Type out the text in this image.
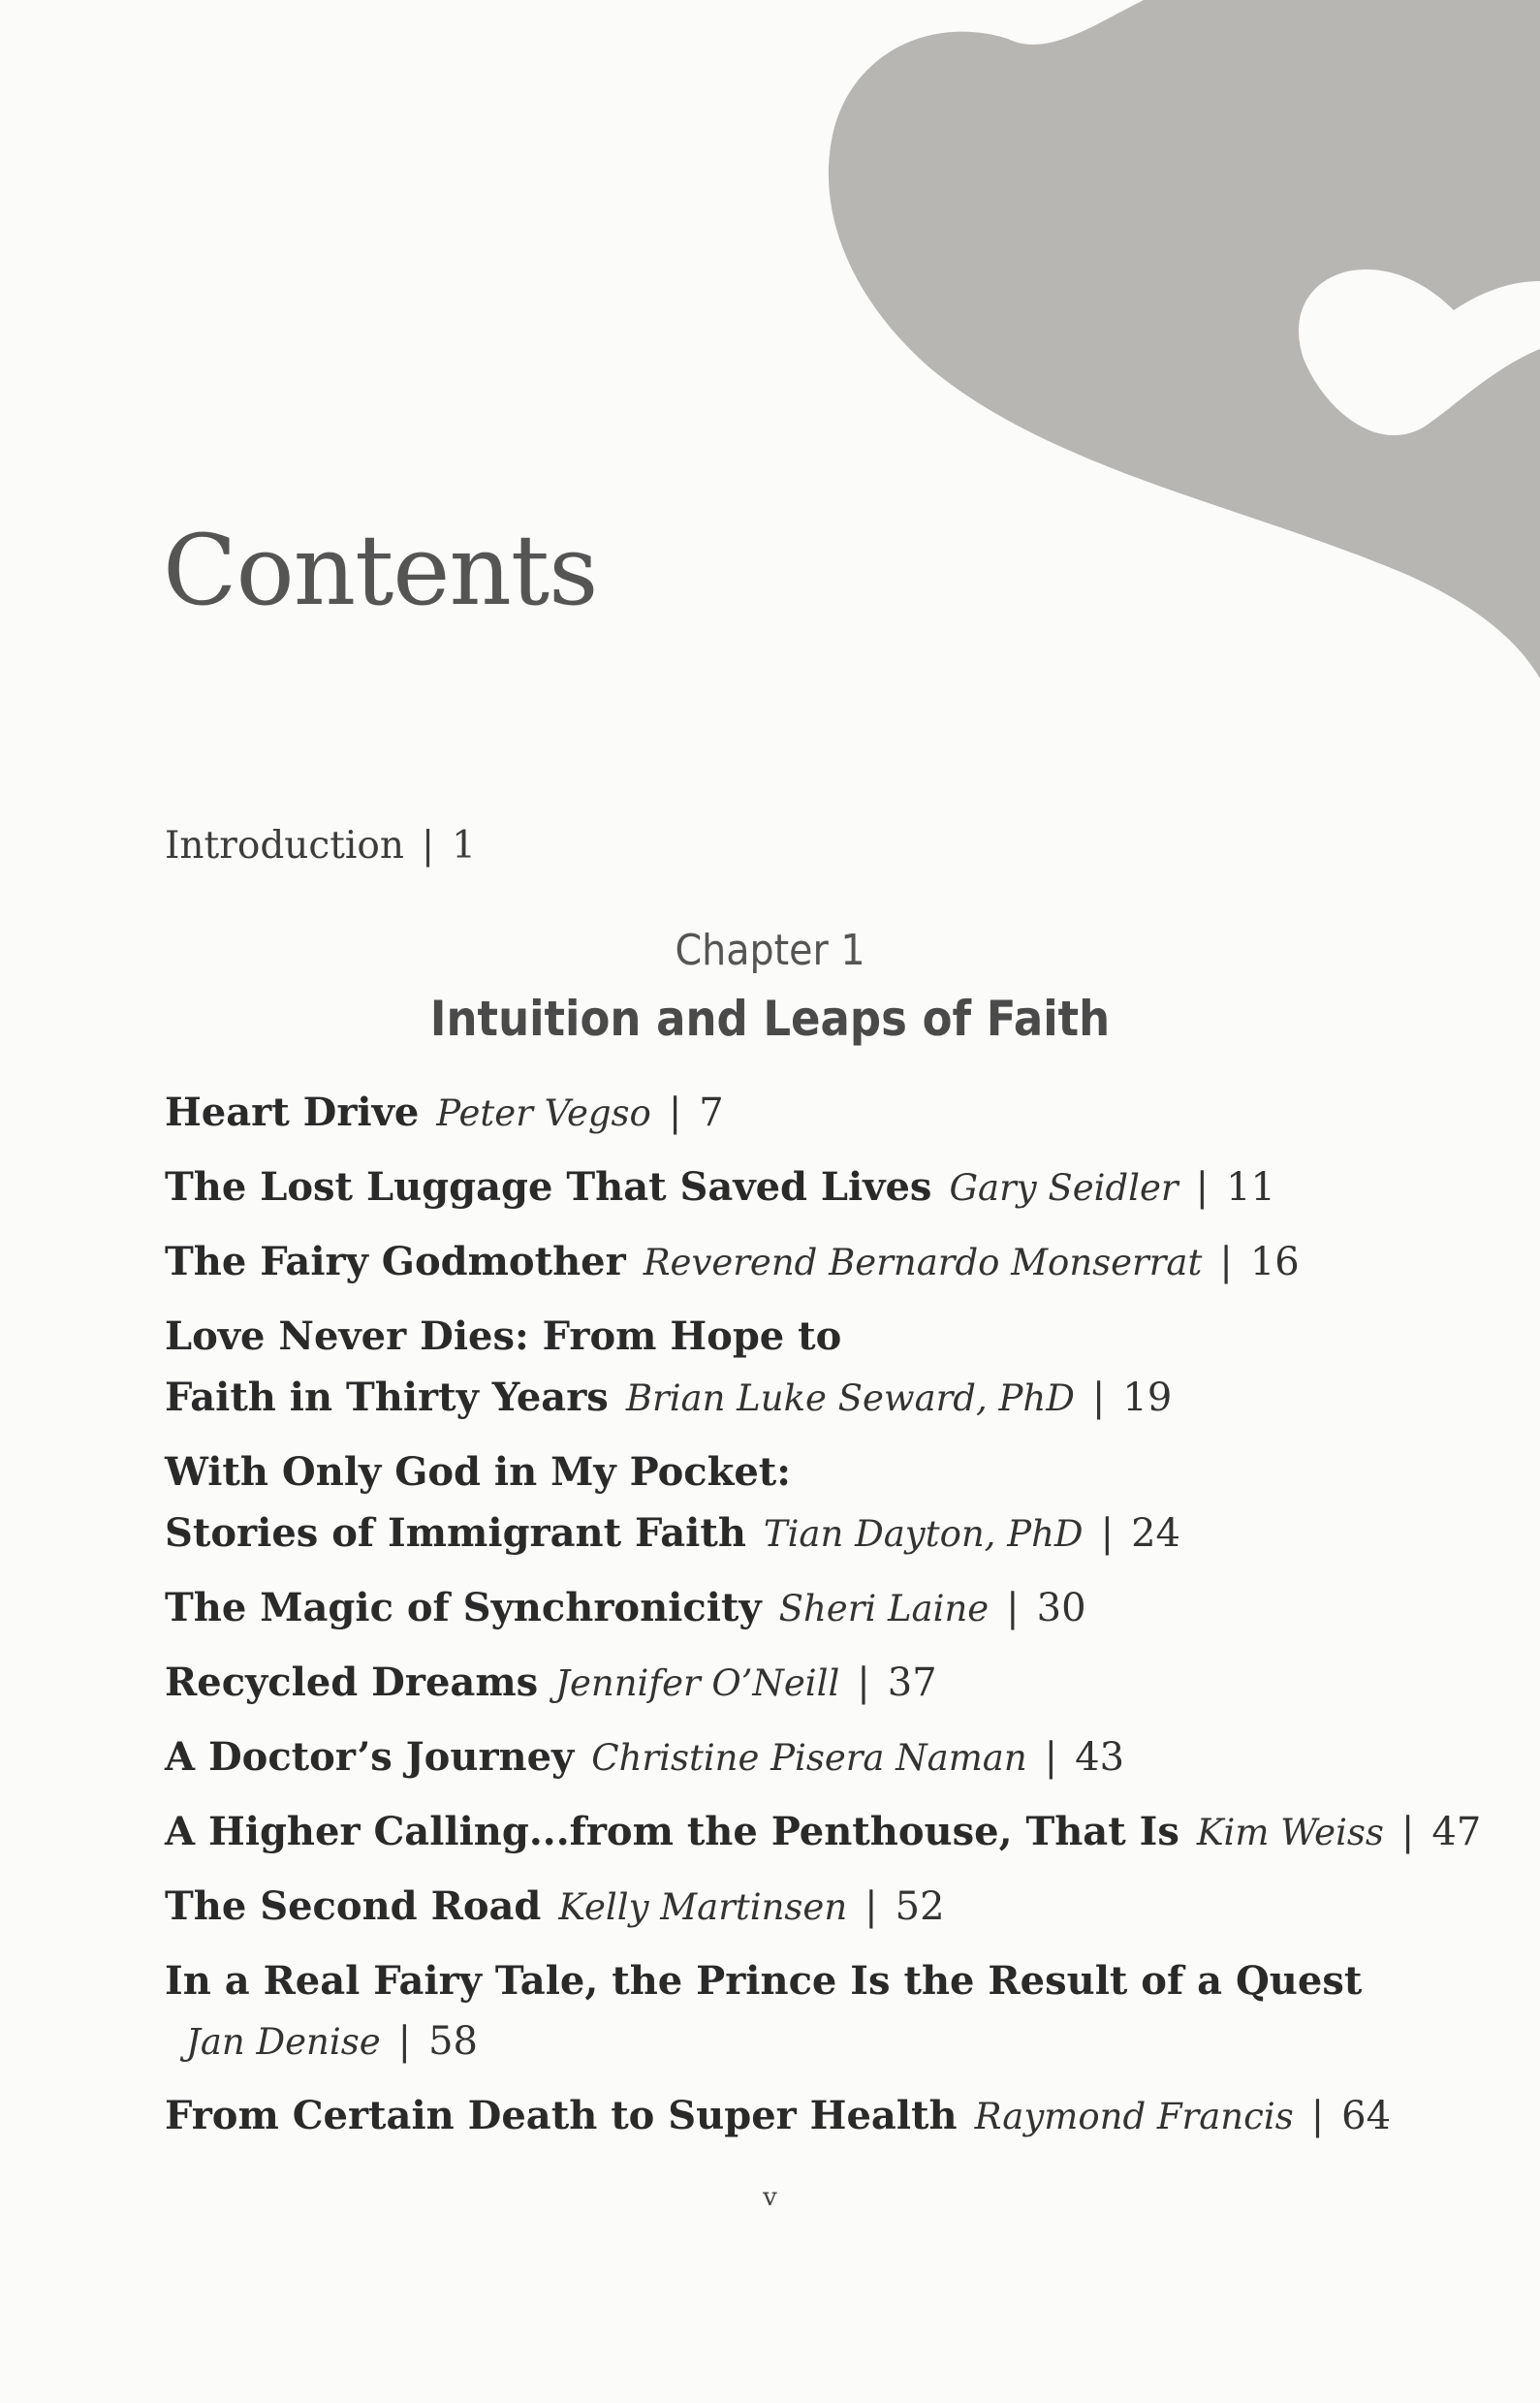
Contents
Introduction | 1
Chapter 1
Intuition and Leaps of Faith
Heart Drive Peter Vegso | 7
The Lost Luggage That Saved Lives Gary Seidler | 11
The Fairy Godmother Reverend Bernardo Monserrat | 16
Love Never Dies: From Hope to
Faith in Thirty Years Brian Luke Seward, PhD | 19
With Only God in My Pocket:
Stories of Immigrant Faith Tian Dayton, PhD | 24
The Magic of Synchronicity Sheri Laine | 30
Recycled Dreams Jennifer O’Neill | 37
A Doctor’s Journey Christine Pisera Naman | 43
A Higher Calling...from the Penthouse, That Is Kim Weiss | 47
The Second Road Kelly Martinsen | 52
In a Real Fairy Tale, the Prince Is the Result of a Quest
Jan Denise | 58
From Certain Death to Super Health Raymond Francis | 64
v
